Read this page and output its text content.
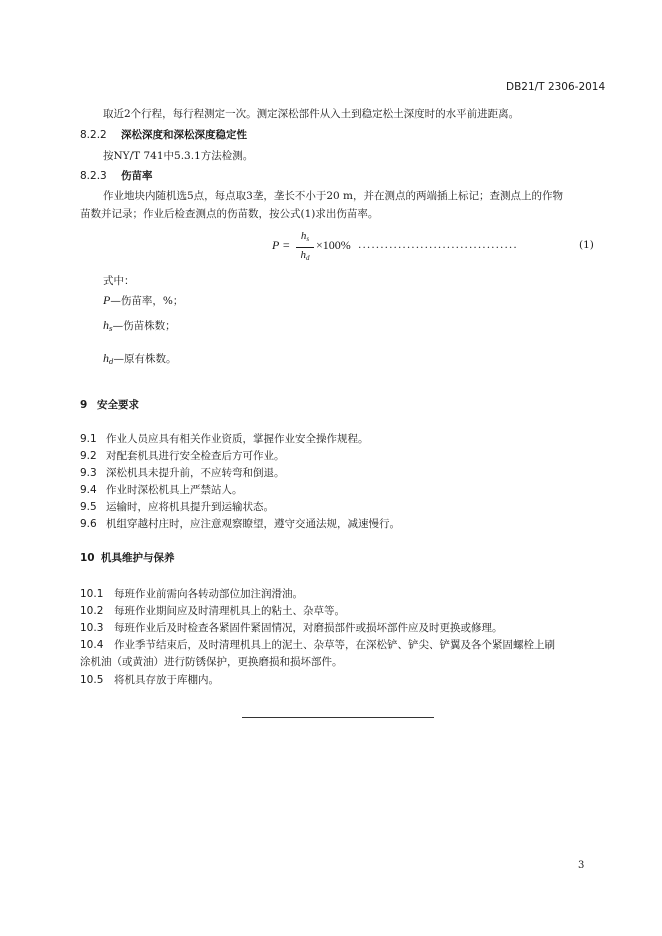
DB21/T 2306-2014
取近2个行程，每行程测定一次。测定深松部件从入土到稳定松土深度时的水平前进距离。
8.2.2 深松深度和深松深度稳定性
按NY/T 741中5.3.1方法检测。
8.2.3 伤苗率
作业地块内随机选5点，每点取3垄，垄长不小于20 m，并在测点的两端插上标记；查测点上的作物
苗数并记录；作业后检查测点的伤苗数，按公式(1)求出伤苗率。
P =
$h_s$
$h_d$
×100% ....................................	(1)
式中：
P—伤苗率，%；
$h_s—$伤苗株数；
$h_d—$原有株数。
9 安全要求
9.1 作业人员应具有相关作业资质，掌握作业安全操作规程。
9.2 对配套机具进行安全检查后方可作业。
9.3 深松机具未提升前，不应转弯和倒退。
9.4 作业时深松机具上严禁站人。
9.5 运输时，应将机具提升到运输状态。
9.6 机组穿越村庄时，应注意观察瞭望，遵守交通法规，减速慢行。
10 机具维护与保养
10.1 每班作业前需向各转动部位加注润滑油。
10.2 每班作业期间应及时清理机具上的粘土、杂草等。
10.3 每班作业后及时检查各紧固件紧固情况，对磨损部件或损坏部件应及时更换或修理。
10.4 作业季节结束后，及时清理机具上的泥土、杂草等，在深松铲、铲尖、铲翼及各个紧固螺栓上刷
涂机油（或黄油）进行防锈保护，更换磨损和损坏部件。
10.5 将机具存放于库棚内。
3
